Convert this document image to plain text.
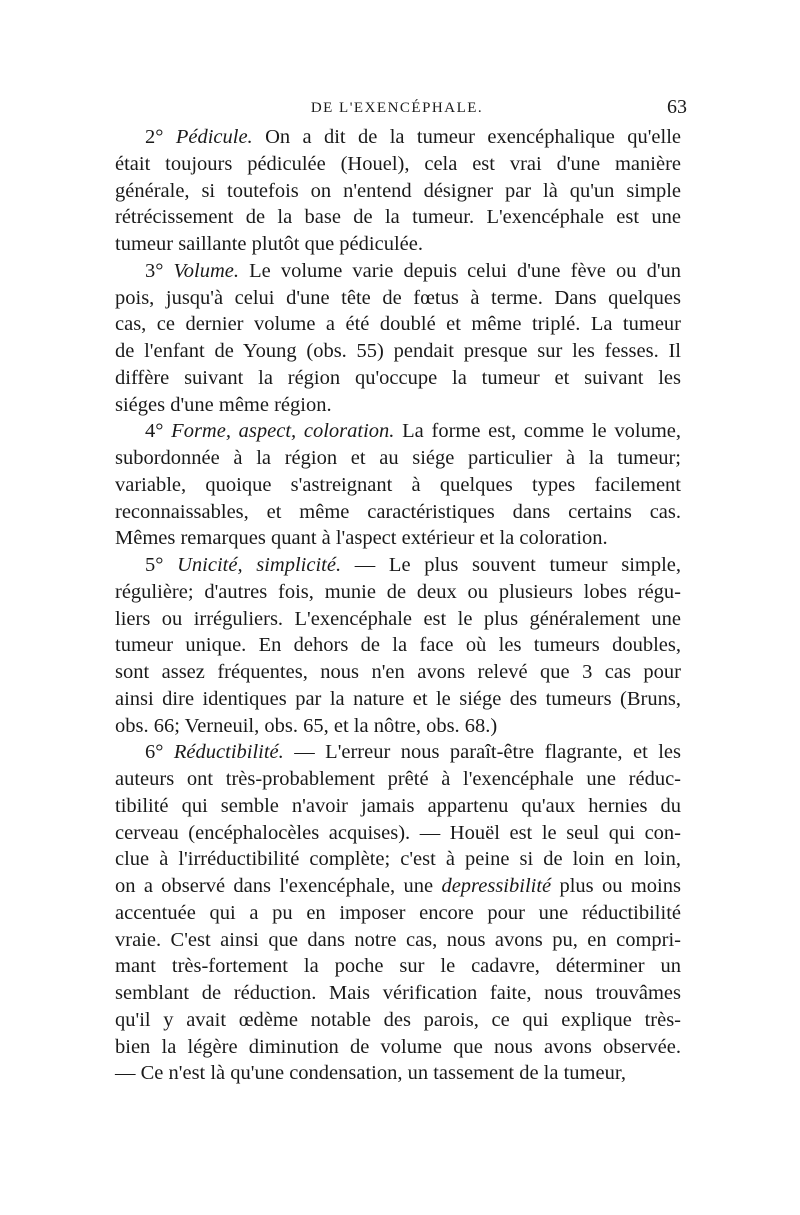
DE L'EXENCÉPHALE.	63
2° Pédicule. On a dit de la tumeur exencéphalique qu'elle
était toujours pédiculée (Houel), cela est vrai d'une manière
générale, si toutefois on n'entend désigner par là qu'un simple
rétrécissement de la base de la tumeur. L'exencéphale est une
tumeur saillante plutôt que pédiculée.
3° Volume. Le volume varie depuis celui d'une fève ou d'un
pois, jusqu'à celui d'une tête de fœtus à terme. Dans quelques
cas, ce dernier volume a été doublé et même triplé. La tumeur
de l'enfant de Young (obs. 55) pendait presque sur les fesses. Il
diffère suivant la région qu'occupe la tumeur et suivant les
siéges d'une même région.
4° Forme, aspect, coloration. La forme est, comme le volume,
subordonnée à la région et au siége particulier à la tumeur;
variable, quoique s'astreignant à quelques types facilement
reconnaissables, et même caractéristiques dans certains cas.
Mêmes remarques quant à l'aspect extérieur et la coloration.
5° Unicité, simplicité. — Le plus souvent tumeur simple,
régulière; d'autres fois, munie de deux ou plusieurs lobes régu-
liers ou irréguliers. L'exencéphale est le plus généralement une
tumeur unique. En dehors de la face où les tumeurs doubles,
sont assez fréquentes, nous n'en avons relevé que 3 cas pour
ainsi dire identiques par la nature et le siége des tumeurs (Bruns,
obs. 66; Verneuil, obs. 65, et la nôtre, obs. 68.)
6° Réductibilité. — L'erreur nous paraît-être flagrante, et les
auteurs ont très-probablement prêté à l'exencéphale une réduc-
tibilité qui semble n'avoir jamais appartenu qu'aux hernies du
cerveau (encéphalocèles acquises). — Houël est le seul qui con-
clue à l'irréductibilité complète; c'est à peine si de loin en loin,
on a observé dans l'exencéphale, une depressibilité plus ou moins
accentuée qui a pu en imposer encore pour une réductibilité
vraie. C'est ainsi que dans notre cas, nous avons pu, en compri-
mant très-fortement la poche sur le cadavre, déterminer un
semblant de réduction. Mais vérification faite, nous trouvâmes
qu'il y avait œdème notable des parois, ce qui explique très-
bien la légère diminution de volume que nous avons observée.
— Ce n'est là qu'une condensation, un tassement de la tumeur,
